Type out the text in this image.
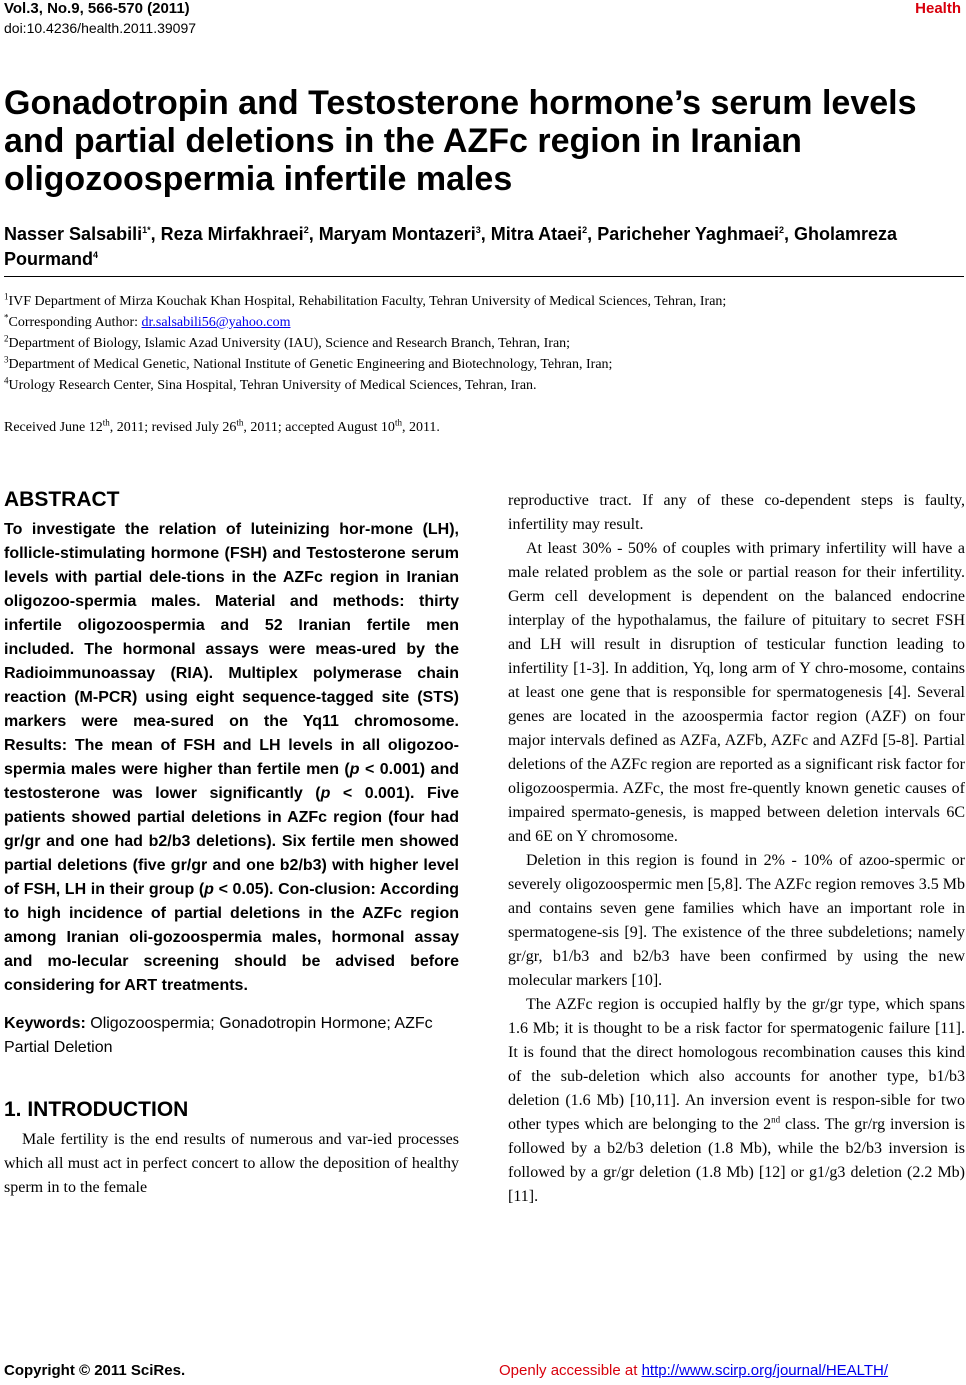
Vol.3, No.9, 566-570 (2011)
doi:10.4236/health.2011.39097
Health
Gonadotropin and Testosterone hormone’s serum levels and partial deletions in the AZFc region in Iranian oligozoospermia infertile males
Nasser Salsabili$^{1*}$, Reza Mirfakhraei$^2$, Maryam Montazeri$^3$, Mitra Ataei$^2$, Paricheher Yaghmaei$^2$, Gholamreza Pourmand$^4$
$^1$IVF Department of Mirza Kouchak Khan Hospital, Rehabilitation Faculty, Tehran University of Medical Sciences, Tehran, Iran;
*Corresponding Author: dr.salsabili56@yahoo.com
$^2$Department of Biology, Islamic Azad University (IAU), Science and Research Branch, Tehran, Iran;
$^3$Department of Medical Genetic, National Institute of Genetic Engineering and Biotechnology, Tehran, Iran;
$^4$Urology Research Center, Sina Hospital, Tehran University of Medical Sciences, Tehran, Iran.
Received June 12th, 2011; revised July 26th, 2011; accepted August 10th, 2011.
ABSTRACT
To investigate the relation of luteinizing hor-mone (LH), follicle-stimulating hormone (FSH) and Testosterone serum levels with partial dele-tions in the AZFc region in Iranian oligozoo-spermia males. Material and methods: thirty infertile oligozoospermia and 52 Iranian fertile men included. The hormonal assays were meas-ured by the Radioimmunoassay (RIA). Multiplex polymerase chain reaction (M-PCR) using eight sequence-tagged site (STS) markers were mea-sured on the Yq11 chromosome. Results: The mean of FSH and LH levels in all oligozoo-spermia males were higher than fertile men (p < 0.001) and testosterone was lower significantly (p < 0.001). Five patients showed partial deletions in AZFc region (four had gr/gr and one had b2/b3 deletions). Six fertile men showed partial deletions (five gr/gr and one b2/b3) with higher level of FSH, LH in their group (p < 0.05). Con-clusion: According to high incidence of partial deletions in the AZFc region among Iranian oli-gozoospermia males, hormonal assay and mo-lecular screening should be advised before considering for ART treatments.
Keywords: Oligozoospermia; Gonadotropin Hormone; AZFc Partial Deletion
1. INTRODUCTION
Male fertility is the end results of numerous and var-ied processes which all must act in perfect concert to allow the deposition of healthy sperm in to the female

reproductive tract. If any of these co-dependent steps is faulty, infertility may result.

At least 30% - 50% of couples with primary infertility will have a male related problem as the sole or partial reason for their infertility. Germ cell development is dependent on the balanced endocrine interplay of the hypothalamus, the failure of pituitary to secret FSH and LH will result in disruption of testicular function leading to infertility [1-3]. In addition, Yq, long arm of Y chro-mosome, contains at least one gene that is responsible for spermatogenesis [4]. Several genes are located in the azoospermia factor region (AZF) on four major intervals defined as AZFa, AZFb, AZFc and AZFd [5-8]. Partial deletions of the AZFc region are reported as a significant risk factor for oligozoospermia. AZFc, the most fre-quently known genetic causes of impaired spermato-genesis, is mapped between deletion intervals 6C and 6E on Y chromosome.

Deletion in this region is found in 2% - 10% of azoo-spermic or severely oligozoospermic men [5,8]. The AZFc region removes 3.5 Mb and contains seven gene families which have an important role in spermatogene-sis [9]. The existence of the three subdeletions; namely gr/gr, b1/b3 and b2/b3 have been confirmed by using the new molecular markers [10].

The AZFc region is occupied halfly by the gr/gr type, which spans 1.6 Mb; it is thought to be a risk factor for spermatogenic failure [11]. It is found that the direct homologous recombination causes this kind of the sub-deletion which also accounts for another type, b1/b3 deletion (1.6 Mb) [10,11]. An inversion event is respon-sible for two other types which are belonging to the 2nd class. The gr/rg inversion is followed by a b2/b3 deletion (1.8 Mb), while the b2/b3 inversion is followed by a gr/gr deletion (1.8 Mb) [12] or g1/g3 deletion (2.2 Mb) [11].

Copyright © 2011 SciRes.	Openly accessible at http://www.scirp.org/journal/HEALTH/
